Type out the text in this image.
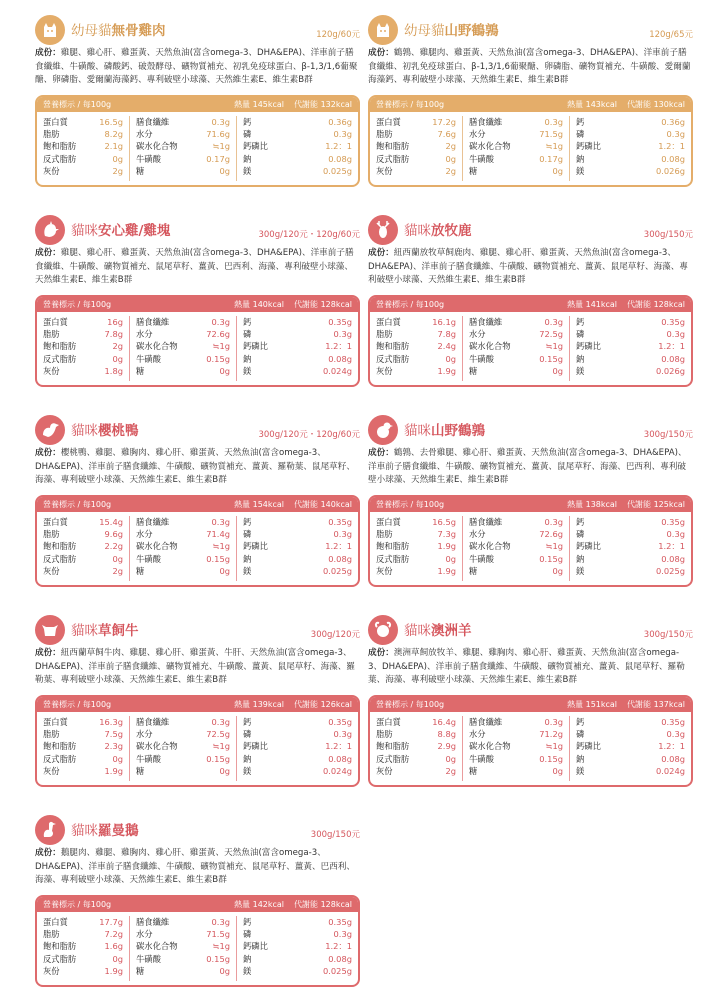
幼母貓無骨雞肉	120g/60元
成份：雞腿、雞心肝、雞蛋黃、天然魚油(富含omega-3、DHA&EPA)、洋車前子膳食纖維、牛磺酸、磷酸鈣、破殼酵母、礦物質補充、初乳免疫球蛋白、β-1,3/1,6葡聚醣、卵磷脂、愛爾蘭海藻鈣、專利破壁小球藻、天然維生素E、維生素B群
營養標示 / 每100g	熱量 145kcal 代謝能 132kcal
蛋白質	16.5g
脂肪	8.2g
飽和脂肪	2.1g
反式脂肪	0g
灰份	2g
膳食纖維	0.3g
水分	71.6g
碳水化合物	≒1g
牛磺酸	0.17g
糖	0g
鈣	0.36g
磷	0.3g
鈣磷比	1.2：1
鈉	0.08g
鎂	0.025g
幼母貓山野鶴鶉	120g/65元
成份：鶴鶉、雞腿肉、雞蛋黃、天然魚油(富含omega-3、DHA&EPA)、洋車前子膳食纖維、初乳免疫球蛋白、β-1,3/1,6葡聚醣、卵磷脂、礦物質補充、牛磺酸、愛爾蘭海藻鈣、專利破壁小球藻、天然維生素E、維生素B群
營養標示 / 每100g	熱量 143kcal 代謝能 130kcal
蛋白質	17.2g
脂肪	7.6g
飽和脂肪	2g
反式脂肪	0g
灰份	2g
膳食纖維	0.3g
水分	71.5g
碳水化合物	≒1g
牛磺酸	0.17g
糖	0g
鈣	0.36g
磷	0.3g
鈣磷比	1.2：1
鈉	0.08g
鎂	0.026g
貓咪安心雞/雞塊	300g/120元・120g/60元
成份：雞腿、雞心肝、雞蛋黃、天然魚油(富含omega-3、DHA&EPA)、洋車前子膳食纖維、牛磺酸、礦物質補充、鼠尾草籽、薑黃、巴西利、海藻、專利破壁小球藻、天然維生素E、維生素B群
營養標示 / 每100g	熱量 140kcal 代謝能 128kcal
蛋白質	16g
脂肪	7.8g
飽和脂肪	2g
反式脂肪	0g
灰份	1.8g
膳食纖維	0.3g
水分	72.6g
碳水化合物	≒1g
牛磺酸	0.15g
糖	0g
鈣	0.35g
磷	0.3g
鈣磷比	1.2：1
鈉	0.08g
鎂	0.024g
貓咪放牧鹿	300g/150元
成份：紐西蘭放牧草飼鹿肉、雞腿、雞心肝、雞蛋黃、天然魚油(富含omega-3、DHA&EPA)、洋車前子膳食纖維、牛磺酸、礦物質補充、薑黃、鼠尾草籽、海藻、專利破壁小球藻、天然維生素E、維生素B群
營養標示 / 每100g	熱量 141kcal 代謝能 128kcal
蛋白質	16.1g
脂肪	7.8g
飽和脂肪	2.4g
反式脂肪	0g
灰份	1.9g
膳食纖維	0.3g
水分	72.5g
碳水化合物	≒1g
牛磺酸	0.15g
糖	0g
鈣	0.35g
磷	0.3g
鈣磷比	1.2：1
鈉	0.08g
鎂	0.026g
貓咪櫻桃鴨	300g/120元・120g/60元
成份：櫻桃鴨、雞腿、雞胸肉、雞心肝、雞蛋黃、天然魚油(富含omega-3、DHA&EPA)、洋車前子膳食纖維、牛磺酸、礦物質補充、薑黃、羅勒葉、鼠尾草籽、海藻、專利破壁小球藻、天然維生素E、維生素B群
營養標示 / 每100g	熱量 154kcal 代謝能 140kcal
蛋白質	15.4g
脂肪	9.6g
飽和脂肪	2.2g
反式脂肪	0g
灰份	2g
膳食纖維	0.3g
水分	71.4g
碳水化合物	≒1g
牛磺酸	0.15g
糖	0g
鈣	0.35g
磷	0.3g
鈣磷比	1.2：1
鈉	0.08g
鎂	0.025g
貓咪山野鶴鶉	300g/150元
成份：鶴鶉、去骨雞腿、雞心肝、雞蛋黃、天然魚油(富含omega-3、DHA&EPA)、洋車前子膳食纖維、牛磺酸、礦物質補充、薑黃、鼠尾草籽、海藻、巴西利、專利破壁小球藻、天然維生素E、維生素B群
營養標示 / 每100g	熱量 138kcal 代謝能 125kcal
蛋白質	16.5g
脂肪	7.3g
飽和脂肪	1.9g
反式脂肪	0g
灰份	1.9g
膳食纖維	0.3g
水分	72.6g
碳水化合物	≒1g
牛磺酸	0.15g
糖	0g
鈣	0.35g
磷	0.3g
鈣磷比	1.2：1
鈉	0.08g
鎂	0.025g
貓咪草飼牛	300g/120元
成份：紐西蘭草飼牛肉、雞腿、雞心肝、雞蛋黃、牛肝、天然魚油(富含omega-3、DHA&EPA)、洋車前子膳食纖維、礦物質補充、牛磺酸、薑黃、鼠尾草籽、海藻、羅勒葉、專利破壁小球藻、天然維生素E、維生素B群
營養標示 / 每100g	熱量 139kcal 代謝能 126kcal
蛋白質	16.3g
脂肪	7.5g
飽和脂肪	2.3g
反式脂肪	0g
灰份	1.9g
膳食纖維	0.3g
水分	72.5g
碳水化合物	≒1g
牛磺酸	0.15g
糖	0g
鈣	0.35g
磷	0.3g
鈣磷比	1.2：1
鈉	0.08g
鎂	0.024g
貓咪澳洲羊	300g/150元
成份：澳洲草飼放牧羊、雞腿、雞胸肉、雞心肝、雞蛋黃、天然魚油(富含omega-3、DHA&EPA)、洋車前子膳食纖維、牛磺酸、礦物質補充、薑黃、鼠尾草籽、羅勒葉、海藻、專利破壁小球藻、天然維生素E、維生素B群
營養標示 / 每100g	熱量 151kcal 代謝能 137kcal
蛋白質	16.4g
脂肪	8.8g
飽和脂肪	2.9g
反式脂肪	0g
灰份	2g
膳食纖維	0.3g
水分	71.2g
碳水化合物	≒1g
牛磺酸	0.15g
糖	0g
鈣	0.35g
磷	0.3g
鈣磷比	1.2：1
鈉	0.08g
鎂	0.024g
貓咪羅曼鵝	300g/150元
成份：鵝腿肉、雞腿、雞胸肉、雞心肝、雞蛋黃、天然魚油(富含omega-3、DHA&EPA)、洋車前子膳食纖維、牛磺酸、礦物質補充、鼠尾草籽、薑黃、巴西利、海藻、專利破壁小球藻、天然維生素E、維生素B群
營養標示 / 每100g	熱量 142kcal 代謝能 128kcal
蛋白質	17.7g
脂肪	7.2g
飽和脂肪	1.6g
反式脂肪	0g
灰份	1.9g
膳食纖維	0.3g
水分	71.5g
碳水化合物	≒1g
牛磺酸	0.15g
糖	0g
鈣	0.35g
磷	0.3g
鈣磷比	1.2：1
鈉	0.08g
鎂	0.025g
